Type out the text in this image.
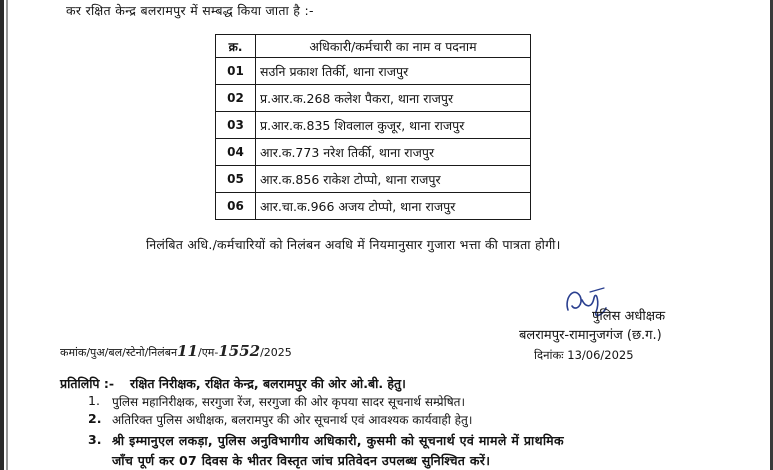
कर रक्षित केन्द्र बलरामपुर में सम्बद्ध किया जाता है :-
क्र.	अधिकारी/कर्मचारी का नाम व पदनाम
01	सउनि प्रकाश तिर्की, थाना राजपुर
02	प्र.आर.क.268 कलेश पैकरा, थाना राजपुर
03	प्र.आर.क.835 शिवलाल कुजूर, थाना राजपुर
04	आर.क.773 नरेश तिर्की, थाना राजपुर
05	आर.क.856 राकेश टोप्पो, थाना राजपुर
06	आर.चा.क.966 अजय टोप्पो, थाना राजपुर
निलंबित अधि./कर्मचारियों को निलंबन अवधि में नियमानुसार गुजारा भत्ता की पात्रता होगी।
पुलिस अधीक्षक
बलरामपुर-रामानुजगंज (छ.ग.)
कमांक/पुअ/बल/स्टेनो/निलंबन11/एम-1552/2025	दिनांकः 13/06/2025
प्रतिलिपि :- रक्षित निरीक्षक, रक्षित केन्द्र, बलरामपुर की ओर ओ.बी. हेतु।
1. पुलिस महानिरीक्षक, सरगुजा रेंज, सरगुजा की ओर कृपया सादर सूचनार्थ सम्प्रेषित।
2. अतिरिक्त पुलिस अधीक्षक, बलरामपुर की ओर सूचनार्थ एवं आवश्यक कार्यवाही हेतु।
3. श्री इम्मानुएल लकड़ा, पुलिस अनुविभागीय अधिकारी, कुसमी को सूचनार्थ एवं मामले में प्राथमिक
जाँच पूर्ण कर 07 दिवस के भीतर विस्तृत जांच प्रतिवेदन उपलब्ध सुनिश्चित करें।
